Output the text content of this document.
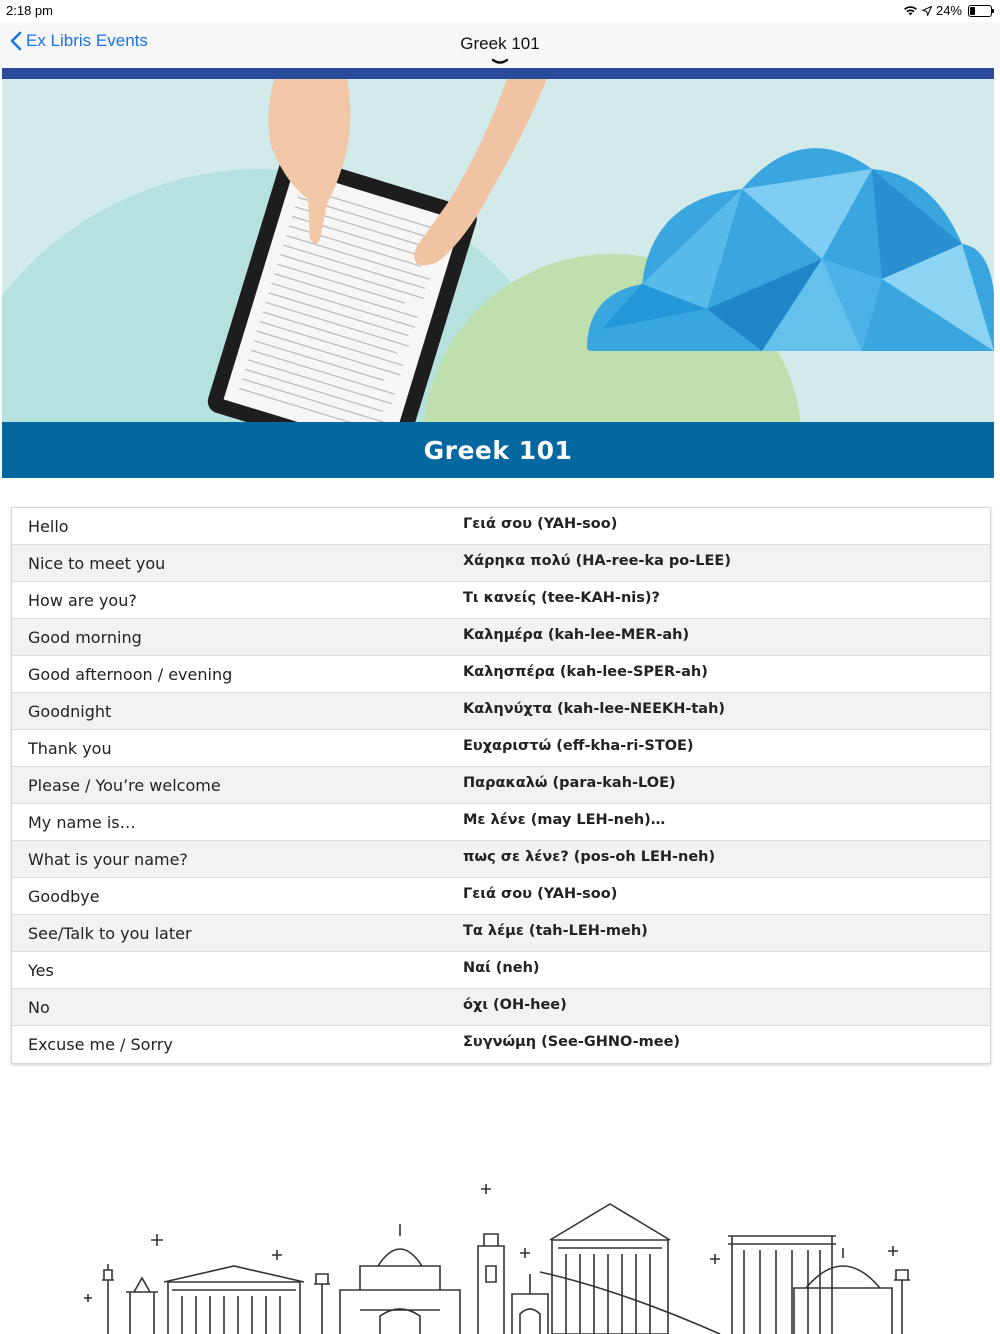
2:18 pm	24%
Ex Libris Events	Greek 101
Greek 101
Hello	Γειά σου (YAH-soo)
Nice to meet you	Χάρηκα πολύ (HA-ree-ka po-LEE)
How are you?	Τι κανείς (tee-KAH-nis)?
Good morning	Καλημέρα (kah-lee-MER-ah)
Good afternoon / evening	Καλησπέρα (kah-lee-SPER-ah)
Goodnight	Καληνύχτα (kah-lee-NEEKH-tah)
Thank you	Ευχαριστώ (eff-kha-ri-STOE)
Please / You’re welcome	Παρακαλώ (para-kah-LOE)
My name is…	Με λένε (may LEH-neh)…
What is your name?	πως σε λένε? (pos-oh LEH-neh)
Goodbye	Γειά σου (YAH-soo)
See/Talk to you later	Τα λέμε (tah-LEH-meh)
Yes	Ναί (neh)
No	όχι (OH-hee)
Excuse me / Sorry	Συγνώμη (See-GHNO-mee)
